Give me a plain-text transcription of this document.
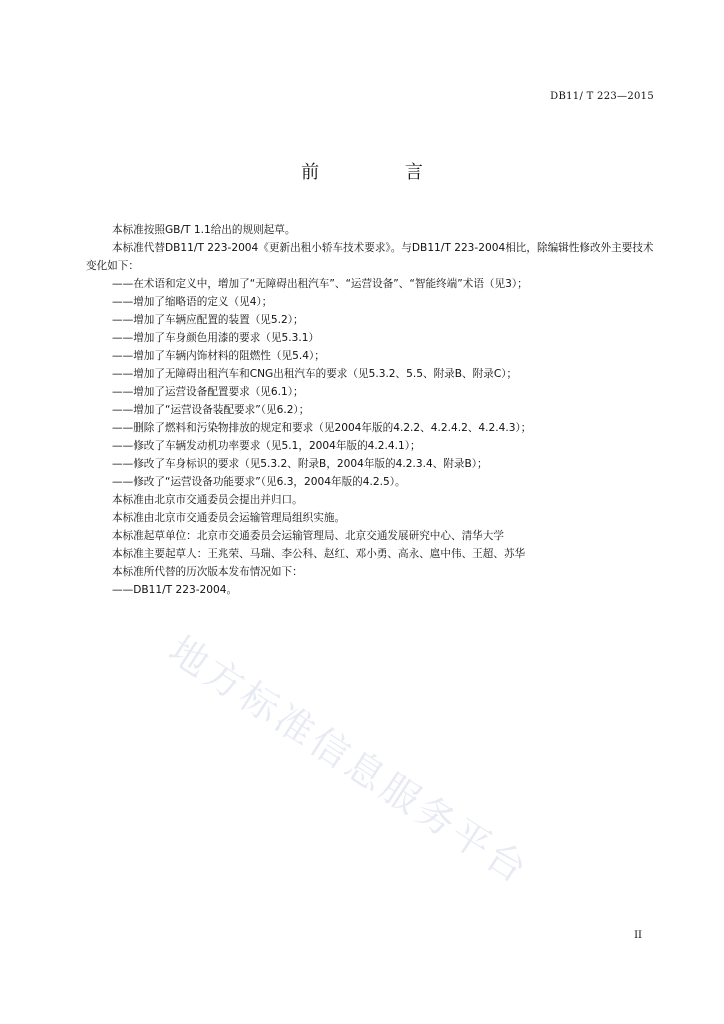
DB11/ T 223—2015
前 言

本标准按照GB/T 1.1给出的规则起草。

本标准代替DB11/T 223-2004《更新出租小轿车技术要求》。与DB11/T 223-2004相比，除编辑性修改外主要技术变化如下：

——在术语和定义中，增加了“无障碍出租汽车”、“运营设备”、“智能终端”术语（见3）；

——增加了缩略语的定义（见4）；

——增加了车辆应配置的装置（见5.2）；

——增加了车身颜色用漆的要求（见5.3.1）

——增加了车辆内饰材料的阻燃性（见5.4）；

——增加了无障碍出租汽车和CNG出租汽车的要求（见5.3.2、5.5、附录B、附录C）；

——增加了运营设备配置要求（见6.1）；

——增加了“运营设备装配要求”（见6.2）；

——删除了燃料和污染物排放的规定和要求（见2004年版的4.2.2、4.2.4.2、4.2.4.3）；

——修改了车辆发动机功率要求（见5.1，2004年版的4.2.4.1）；

——修改了车身标识的要求（见5.3.2、附录B，2004年版的4.2.3.4、附录B）；

——修改了“运营设备功能要求”（见6.3，2004年版的4.2.5）。

本标准由北京市交通委员会提出并归口。

本标准由北京市交通委员会运输管理局组织实施。

本标准起草单位：北京市交通委员会运输管理局、北京交通发展研究中心、清华大学

本标准主要起草人：王兆荣、马瑞、李公科、赵红、邓小勇、高永、扈中伟、王超、苏华

本标准所代替的历次版本发布情况如下：

——DB11/T 223-2004。

地方标准信息服务平台
II
